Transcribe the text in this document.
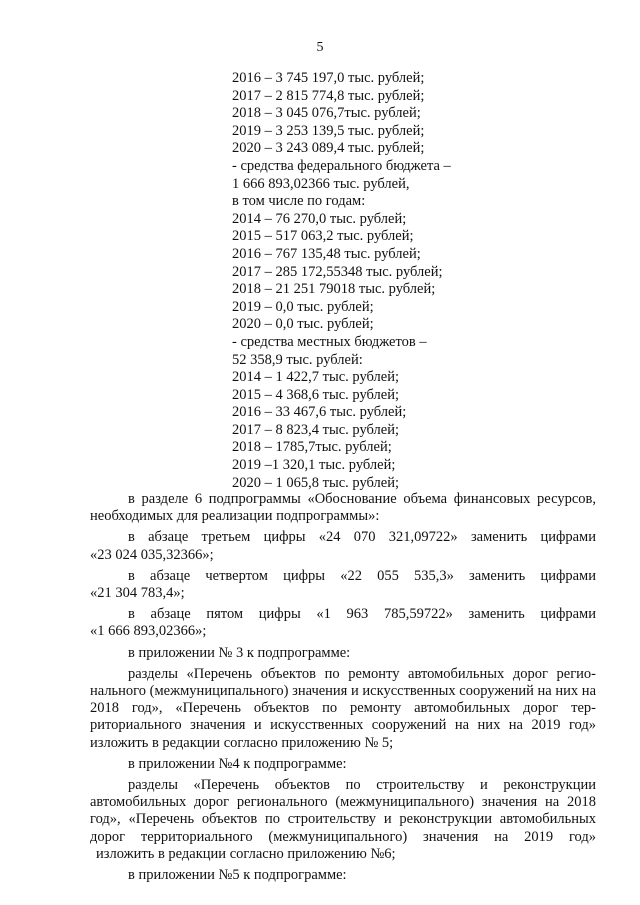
5
2016 – 3 745 197,0 тыс. рублей;
2017 – 2 815 774,8 тыс. рублей;
2018 – 3 045 076,7тыс. рублей;
2019 – 3 253 139,5 тыс. рублей;
2020 – 3 243 089,4 тыс. рублей;
- средства федерального бюджета –
1 666 893,02366 тыс. рублей,
в том числе по годам:
2014 – 76 270,0 тыс. рублей;
2015 – 517 063,2 тыс. рублей;
2016 – 767 135,48 тыс. рублей;
2017 – 285 172,55348 тыс. рублей;
2018 – 21 251 79018 тыс. рублей;
2019 – 0,0 тыс. рублей;
2020 – 0,0 тыс. рублей;
- средства местных бюджетов –
52 358,9 тыс. рублей:
2014 – 1 422,7 тыс. рублей;
2015 – 4 368,6 тыс. рублей;
2016 – 33 467,6 тыс. рублей;
2017 – 8 823,4 тыс. рублей;
2018 – 1785,7тыс. рублей;
2019 –1 320,1 тыс. рублей;
2020 – 1 065,8 тыс. рублей;

в разделе 6 подпрограммы «Обоснование объема финансовых ресурсов, необходимых для реализации подпрограммы»:

в абзаце третьем цифры «24 070 321,09722» заменить цифрами
«23 024 035,32366»;
в абзаце четвертом цифры «22 055 535,3» заменить цифрами
«21 304 783,4»;
в абзаце пятом цифры «1 963 785,59722» заменить цифрами
«1 666 893,02366»;

в приложении № 3 к подпрограмме:

разделы «Перечень объектов по ремонту автомобильных дорог регио-нального (межмуниципального) значения и искусственных сооружений на них на 2018 год», «Перечень объектов по ремонту автомобильных дорог тер-риториального значения и искусственных сооружений на них на 2019 год»
изложить в редакции согласно приложению № 5;

в приложении №4 к подпрограмме:

разделы «Перечень объектов по строительству и реконструкции автомобильных дорог регионального (межмуниципального) значения на 2018 год», «Перечень объектов по строительству и реконструкции автомобильных дорог территориального (межмуниципального) значения на 2019 год»
изложить в редакции согласно приложению №6;

в приложении №5 к подпрограмме:
